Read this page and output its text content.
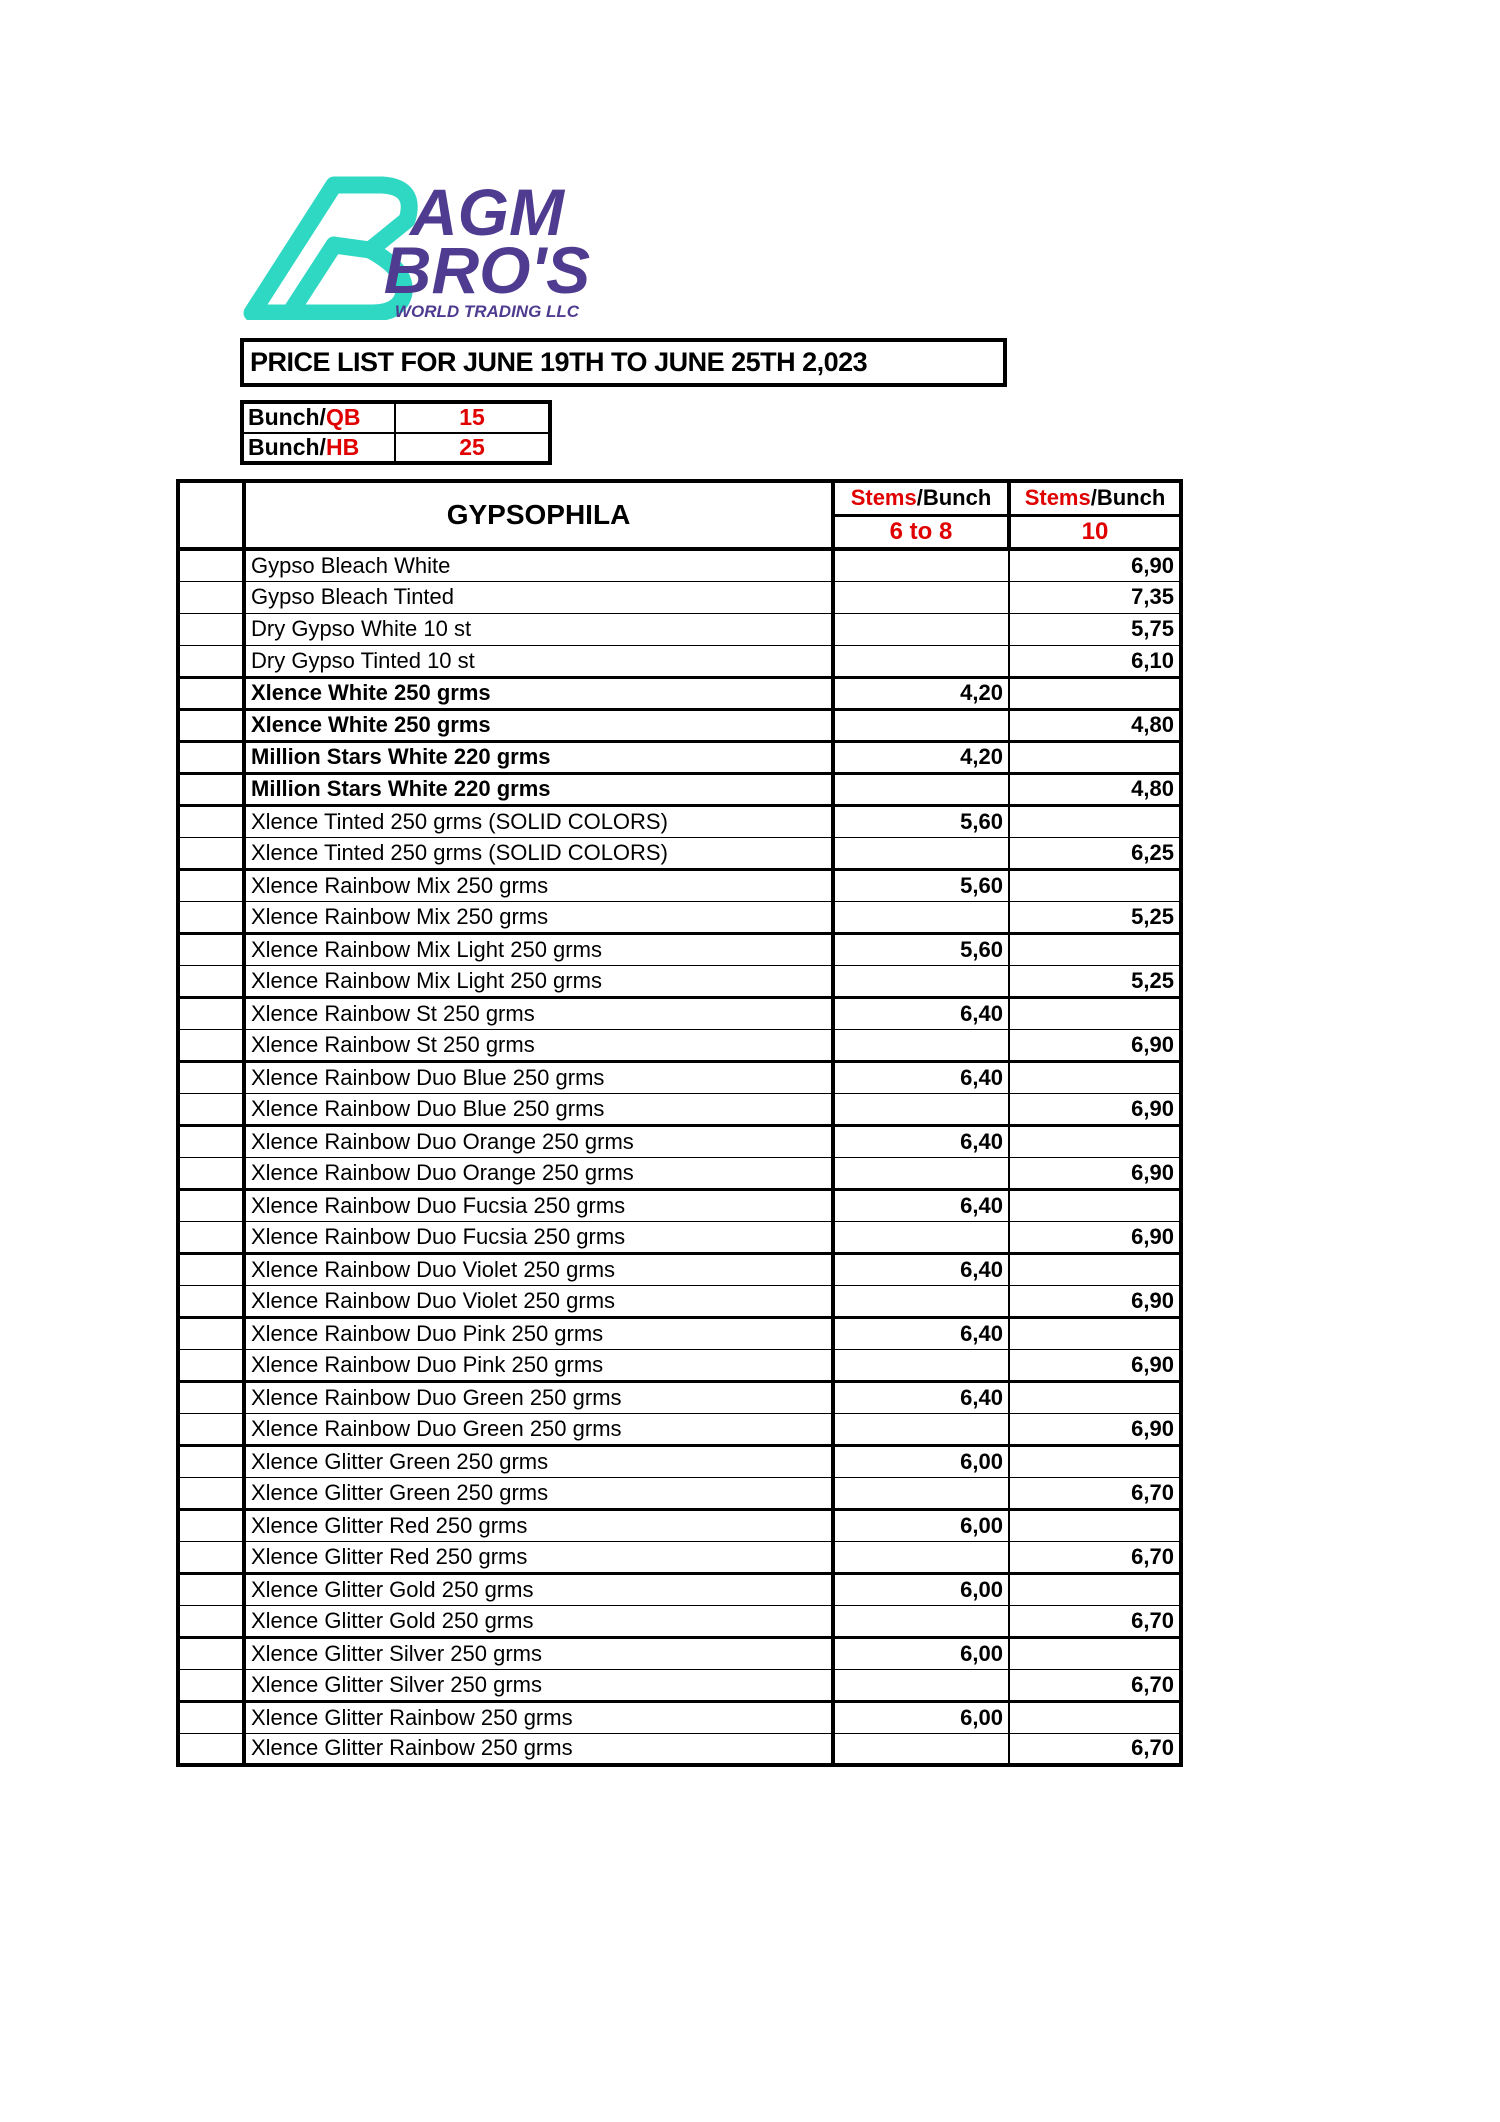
AGM
BRO'S
WORLD TRADING LLC
PRICE LIST FOR JUNE 19TH TO JUNE 25TH 2,023
Bunch/QB	15
Bunch/HB	25
	GYPSOPHILA	Stems/Bunch	Stems/Bunch
		6 to 8	10
	Gypso Bleach White		6,90
	Gypso Bleach Tinted		7,35
	Dry Gypso White 10 st		5,75
	Dry Gypso Tinted 10 st		6,10
	Xlence White 250 grms	4,20	
	Xlence White 250 grms		4,80
	Million Stars White 220 grms	4,20	
	Million Stars White 220 grms		4,80
	Xlence Tinted 250 grms (SOLID COLORS)	5,60	
	Xlence Tinted 250 grms (SOLID COLORS)		6,25
	Xlence Rainbow Mix 250 grms	5,60	
	Xlence Rainbow Mix 250 grms		5,25
	Xlence Rainbow Mix Light 250 grms	5,60	
	Xlence Rainbow Mix Light 250 grms		5,25
	Xlence Rainbow St 250 grms	6,40	
	Xlence Rainbow St 250 grms		6,90
	Xlence Rainbow Duo Blue 250 grms	6,40	
	Xlence Rainbow Duo Blue 250 grms		6,90
	Xlence Rainbow Duo Orange 250 grms	6,40	
	Xlence Rainbow Duo Orange 250 grms		6,90
	Xlence Rainbow Duo Fucsia 250 grms	6,40	
	Xlence Rainbow Duo Fucsia 250 grms		6,90
	Xlence Rainbow Duo Violet 250 grms	6,40	
	Xlence Rainbow Duo Violet 250 grms		6,90
	Xlence Rainbow Duo Pink 250 grms	6,40	
	Xlence Rainbow Duo Pink 250 grms		6,90
	Xlence Rainbow Duo Green 250 grms	6,40	
	Xlence Rainbow Duo Green 250 grms		6,90
	Xlence Glitter Green 250 grms	6,00	
	Xlence Glitter Green 250 grms		6,70
	Xlence Glitter Red 250 grms	6,00	
	Xlence Glitter Red 250 grms		6,70
	Xlence Glitter Gold 250 grms	6,00	
	Xlence Glitter Gold 250 grms		6,70
	Xlence Glitter Silver 250 grms	6,00	
	Xlence Glitter Silver 250 grms		6,70
	Xlence Glitter Rainbow 250 grms	6,00	
	Xlence Glitter Rainbow 250 grms		6,70
